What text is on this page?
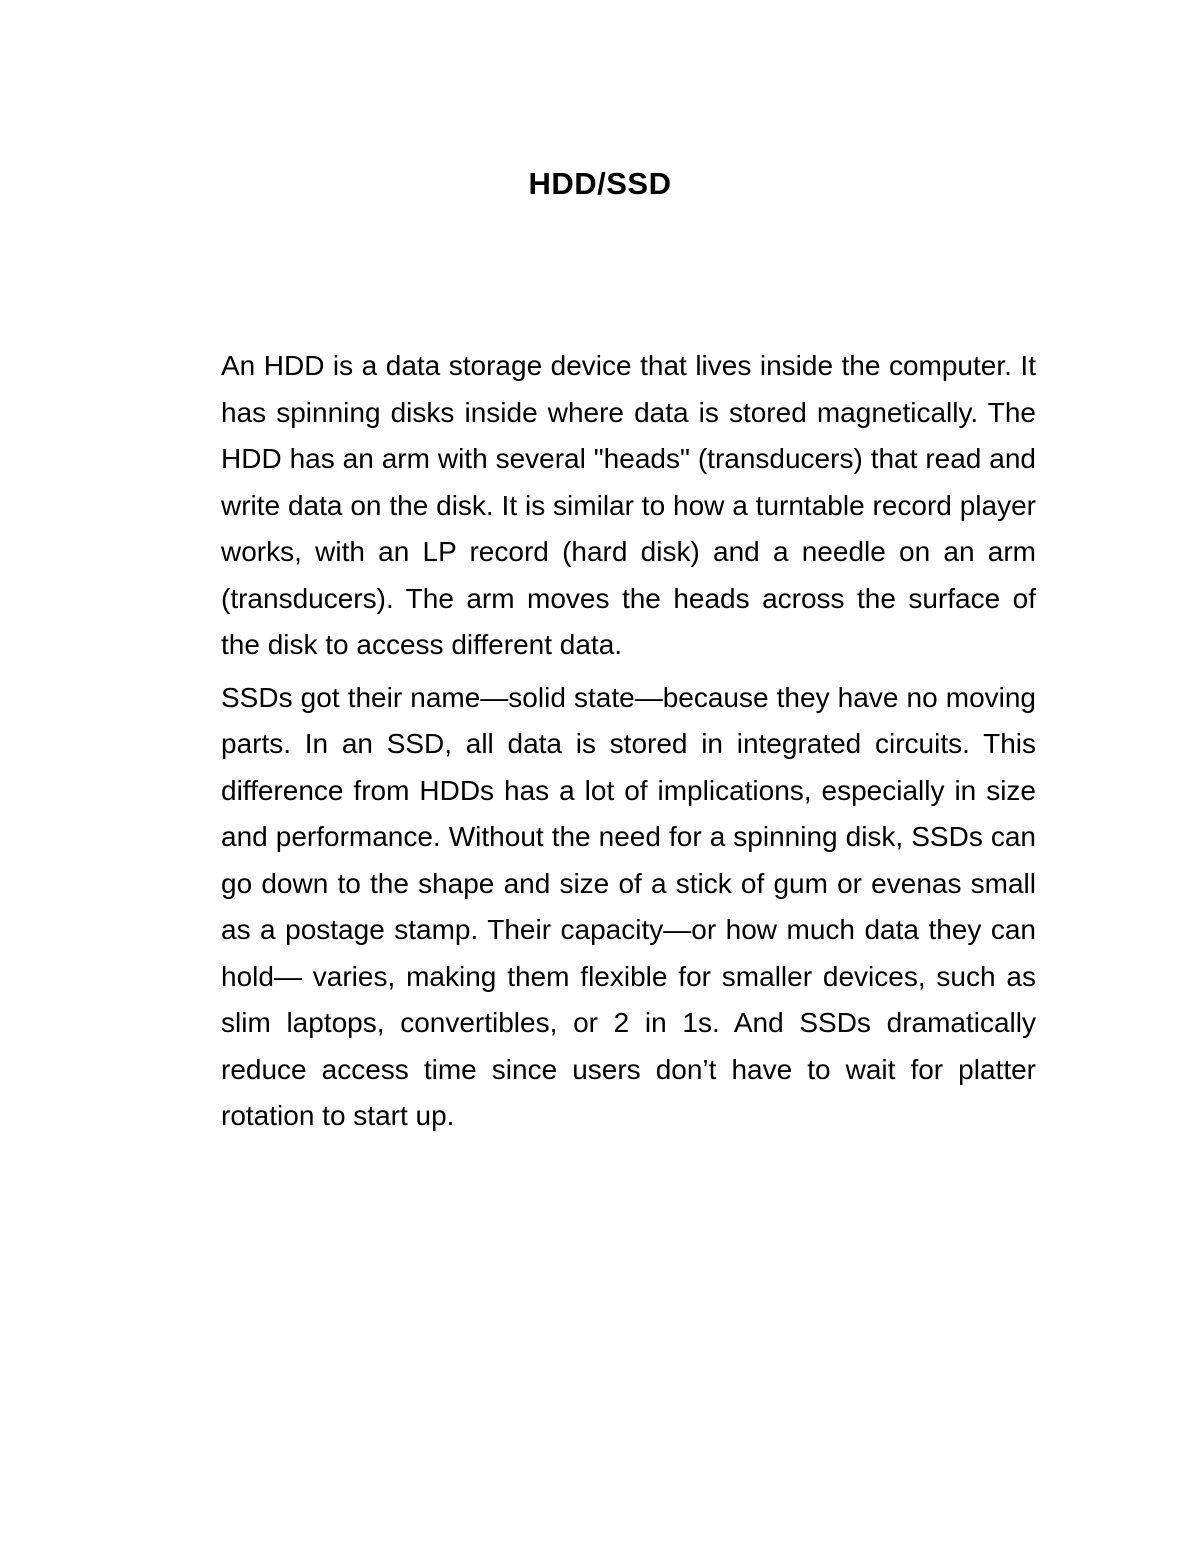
HDD/SSD

An HDD is a data storage device that lives inside the computer. It has spinning disks inside where data is stored magnetically. The HDD has an arm with several "heads" (transducers) that read and write data on the disk. It is similar to how a turntable record player works, with an LP record (hard disk) and a needle on an arm (transducers). The arm moves the heads across the surface of the disk to access different data.

SSDs got their name—solid state—because they have no moving parts. In an SSD, all data is stored in integrated circuits. This difference from HDDs has a lot of implications, especially in size and performance. Without the need for a spinning disk, SSDs can go down to the shape and size of a stick of gum or evenas small as a postage stamp. Their capacity—or how much data they can hold— varies, making them flexible for smaller devices, such as slim laptops, convertibles, or 2 in 1s. And SSDs dramatically reduce access time since users don’t have to wait for platter rotation to start up.
